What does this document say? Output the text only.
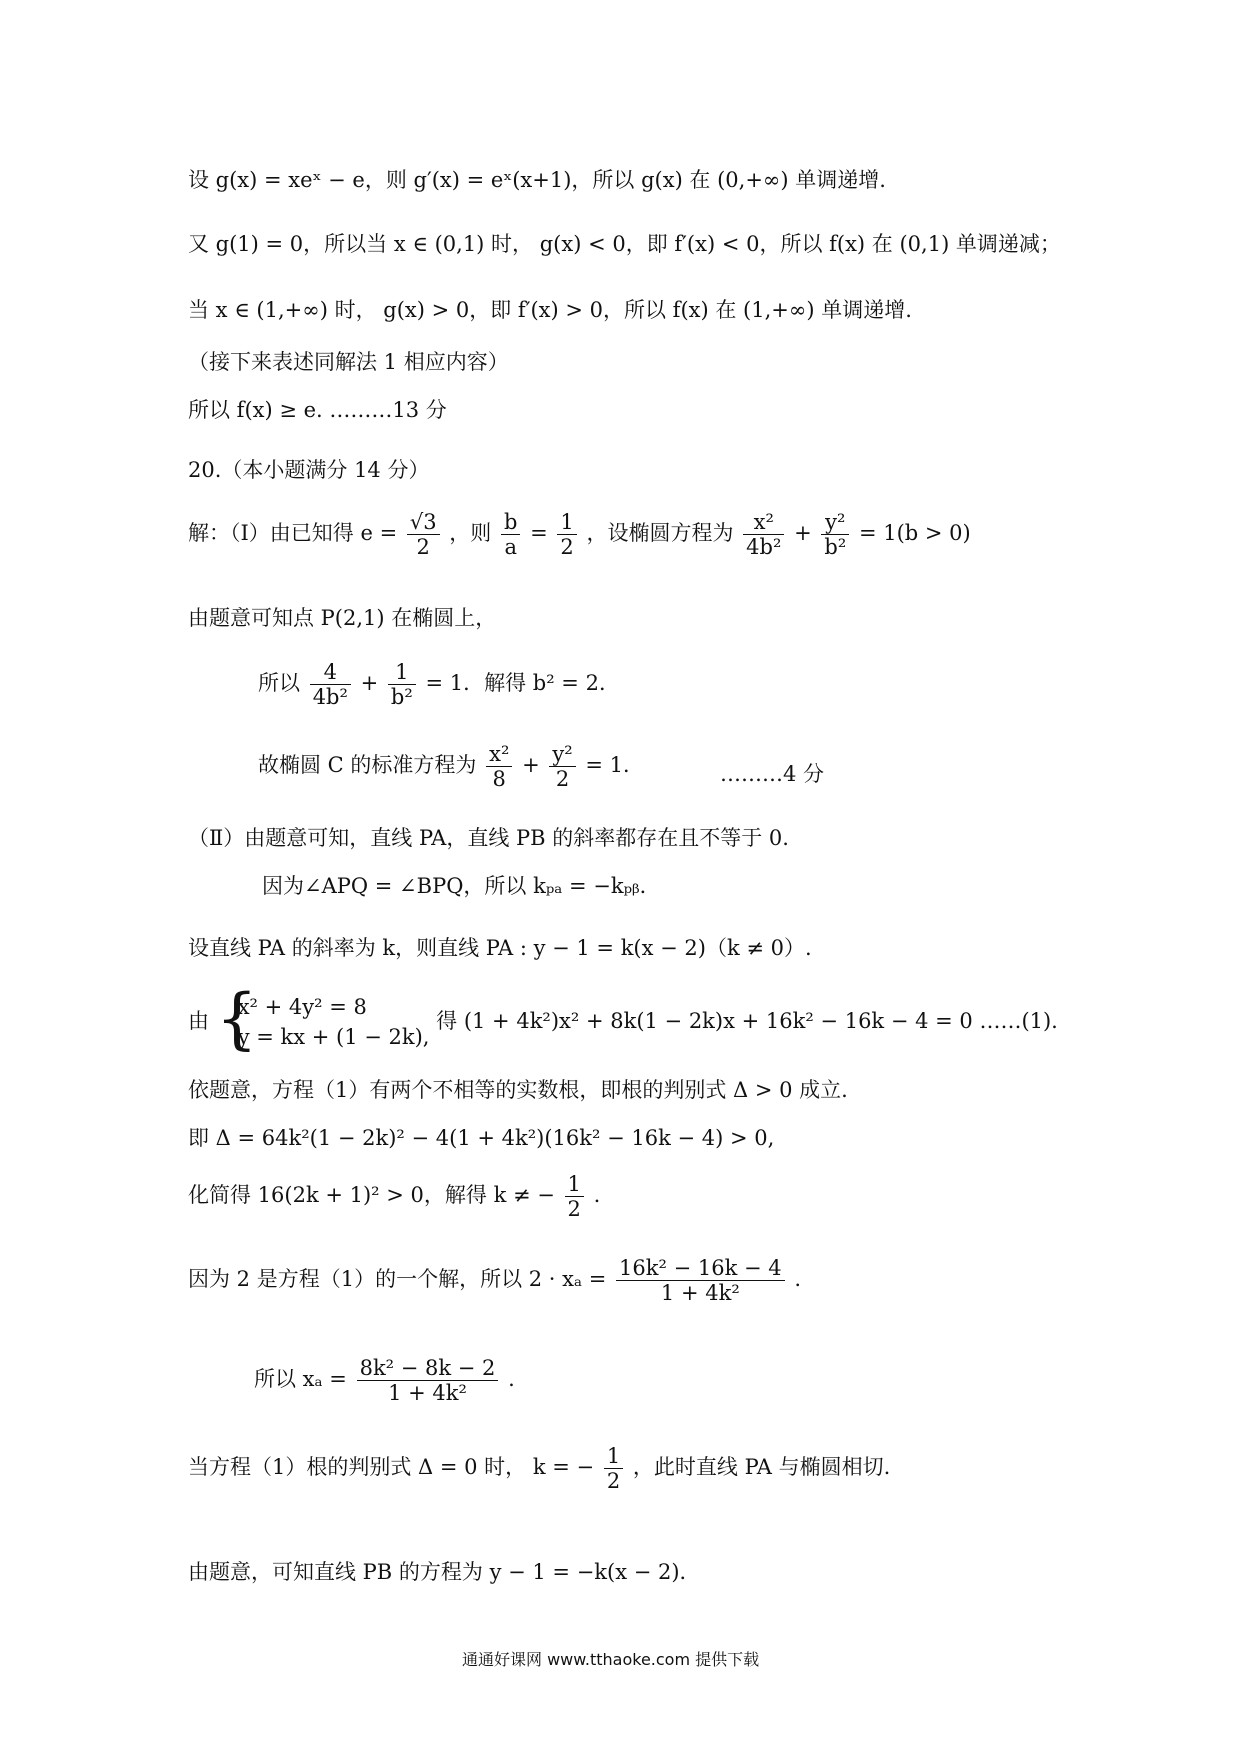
设 g(x) = xeˣ − e，则 g′(x) = eˣ(x+1)，所以 g(x) 在 (0,+∞) 单调递增.
又 g(1) = 0，所以当 x ∈ (0,1) 时， g(x) < 0，即 f′(x) < 0，所以 f(x) 在 (0,1) 单调递减；
当 x ∈ (1,+∞) 时， g(x) > 0，即 f′(x) > 0，所以 f(x) 在 (1,+∞) 单调递增.
（接下来表述同解法 1 相应内容）
所以 f(x) ≥ e. ………13 分
20.（本小题满分 14 分）
解：（Ⅰ）由已知得 $e = \frac{√3}{2}$ ，则 $\frac{b}{a} = \frac{1}{2}$ ，设椭圆方程为 $\frac{\text{x²}}{\text{4b²}} + \frac{\text{y²}}{\text{b²}} = 1(b > 0)$
由题意可知点 P(2,1) 在椭圆上，
所以 $\frac{4}{\text{4b²}} + \frac{1}{\text{b²}} = 1$．解得 b² = 2．
故椭圆 C 的标准方程为 $\frac{\text{x²}}{8} + \frac{\text{y²}}{2} = 1$．	………4 分
（Ⅱ）由题意可知，直线 PA，直线 PB 的斜率都存在且不等于 0.
因为∠APQ = ∠BPQ，所以 kₚₐ = −kₚᵦ．
设直线 PA 的斜率为 k，则直线 PA : y − 1 = k(x − 2)（k ≠ 0）.
由 {
x² + 4y² = 8
y = kx + (1 − 2k),
得 (1 + 4k²)x² + 8k(1 − 2k)x + 16k² − 16k − 4 = 0 ……(1).
依题意，方程（1）有两个不相等的实数根，即根的判别式 Δ > 0 成立.
即 Δ = 64k²(1 − 2k)² − 4(1 + 4k²)(16k² − 16k − 4) > 0,
化简得 16(2k + 1)² > 0，解得 k ≠ − $\frac{1}{2}$ .
因为 2 是方程（1）的一个解，所以 $2 \cdot x_a = \frac{\text{16k² − 16k − 4}}{\text{1 + 4k²}}$ .
所以 $x_a = \frac{\text{8k² − 8k − 2}}{\text{1 + 4k²}}$ .
当方程（1）根的判别式 Δ = 0 时， k = − $\frac{1}{2}$ ，此时直线 PA 与椭圆相切.
由题意，可知直线 PB 的方程为 y − 1 = −k(x − 2)．
通通好课网 www.tthaoke.com 提供下载
